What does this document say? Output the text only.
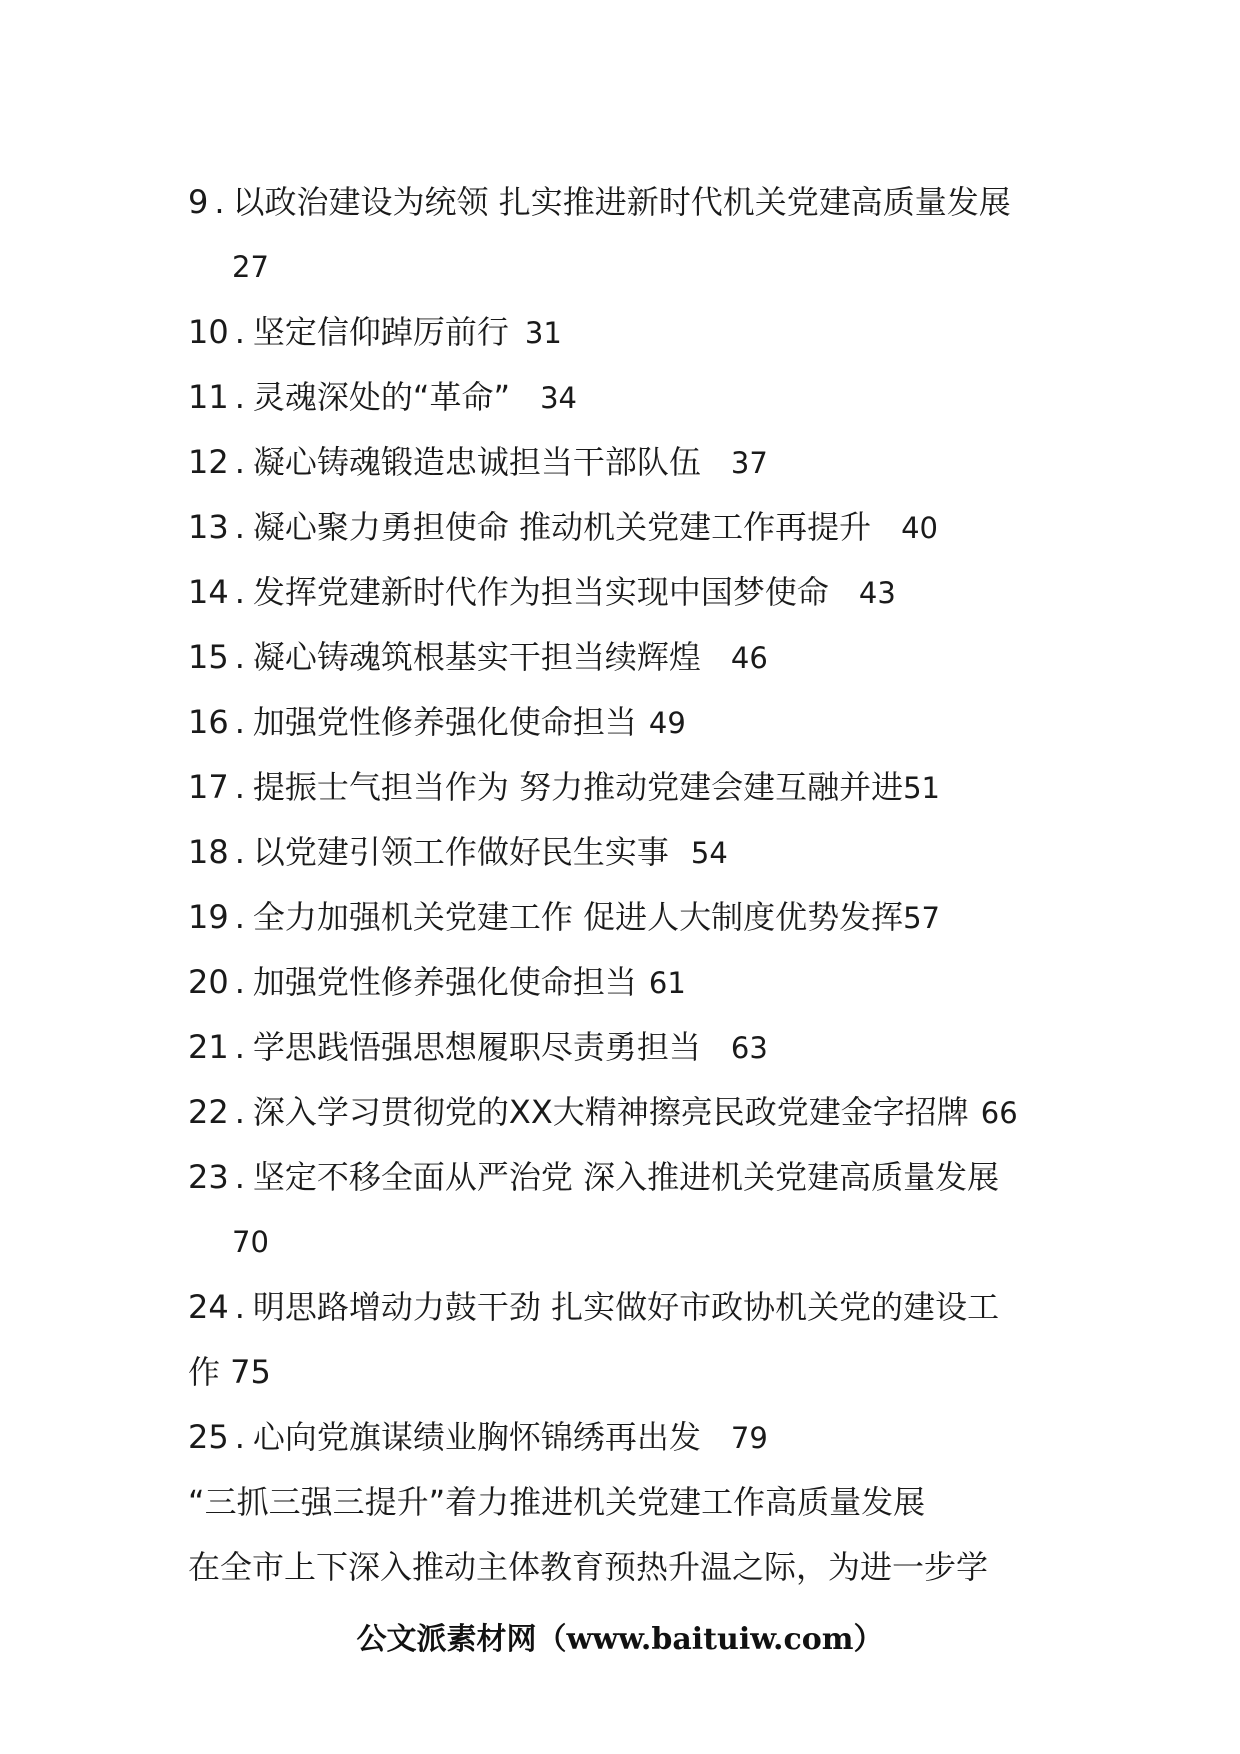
9 . 以政治建设为统领 扎实推进新时代机关党建高质量发展
27
10 . 坚定信仰踔厉前行 31
11 . 灵魂深处的“革命” 34
12 . 凝心铸魂锻造忠诚担当干部队伍 37
13 . 凝心聚力勇担使命 推动机关党建工作再提升 40
14 . 发挥党建新时代作为担当实现中国梦使命 43
15 . 凝心铸魂筑根基实干担当续辉煌 46
16 . 加强党性修养强化使命担当 49
17 . 提振士气担当作为 努力推动党建会建互融并进51
18 . 以党建引领工作做好民生实事 54
19 . 全力加强机关党建工作 促进人大制度优势发挥57
20 . 加强党性修养强化使命担当 61
21 . 学思践悟强思想履职尽责勇担当 63
22 . 深入学习贯彻党的XX大精神擦亮民政党建金字招牌 66
23 . 坚定不移全面从严治党 深入推进机关党建高质量发展
70
24 . 明思路增动力鼓干劲 扎实做好市政协机关党的建设工
作 75
25 . 心向党旗谋绩业胸怀锦绣再出发 79
“三抓三强三提升”着力推进机关党建工作高质量发展
在全市上下深入推动主体教育预热升温之际，为进一步学
公文派素材网（www.baituiw.com）
